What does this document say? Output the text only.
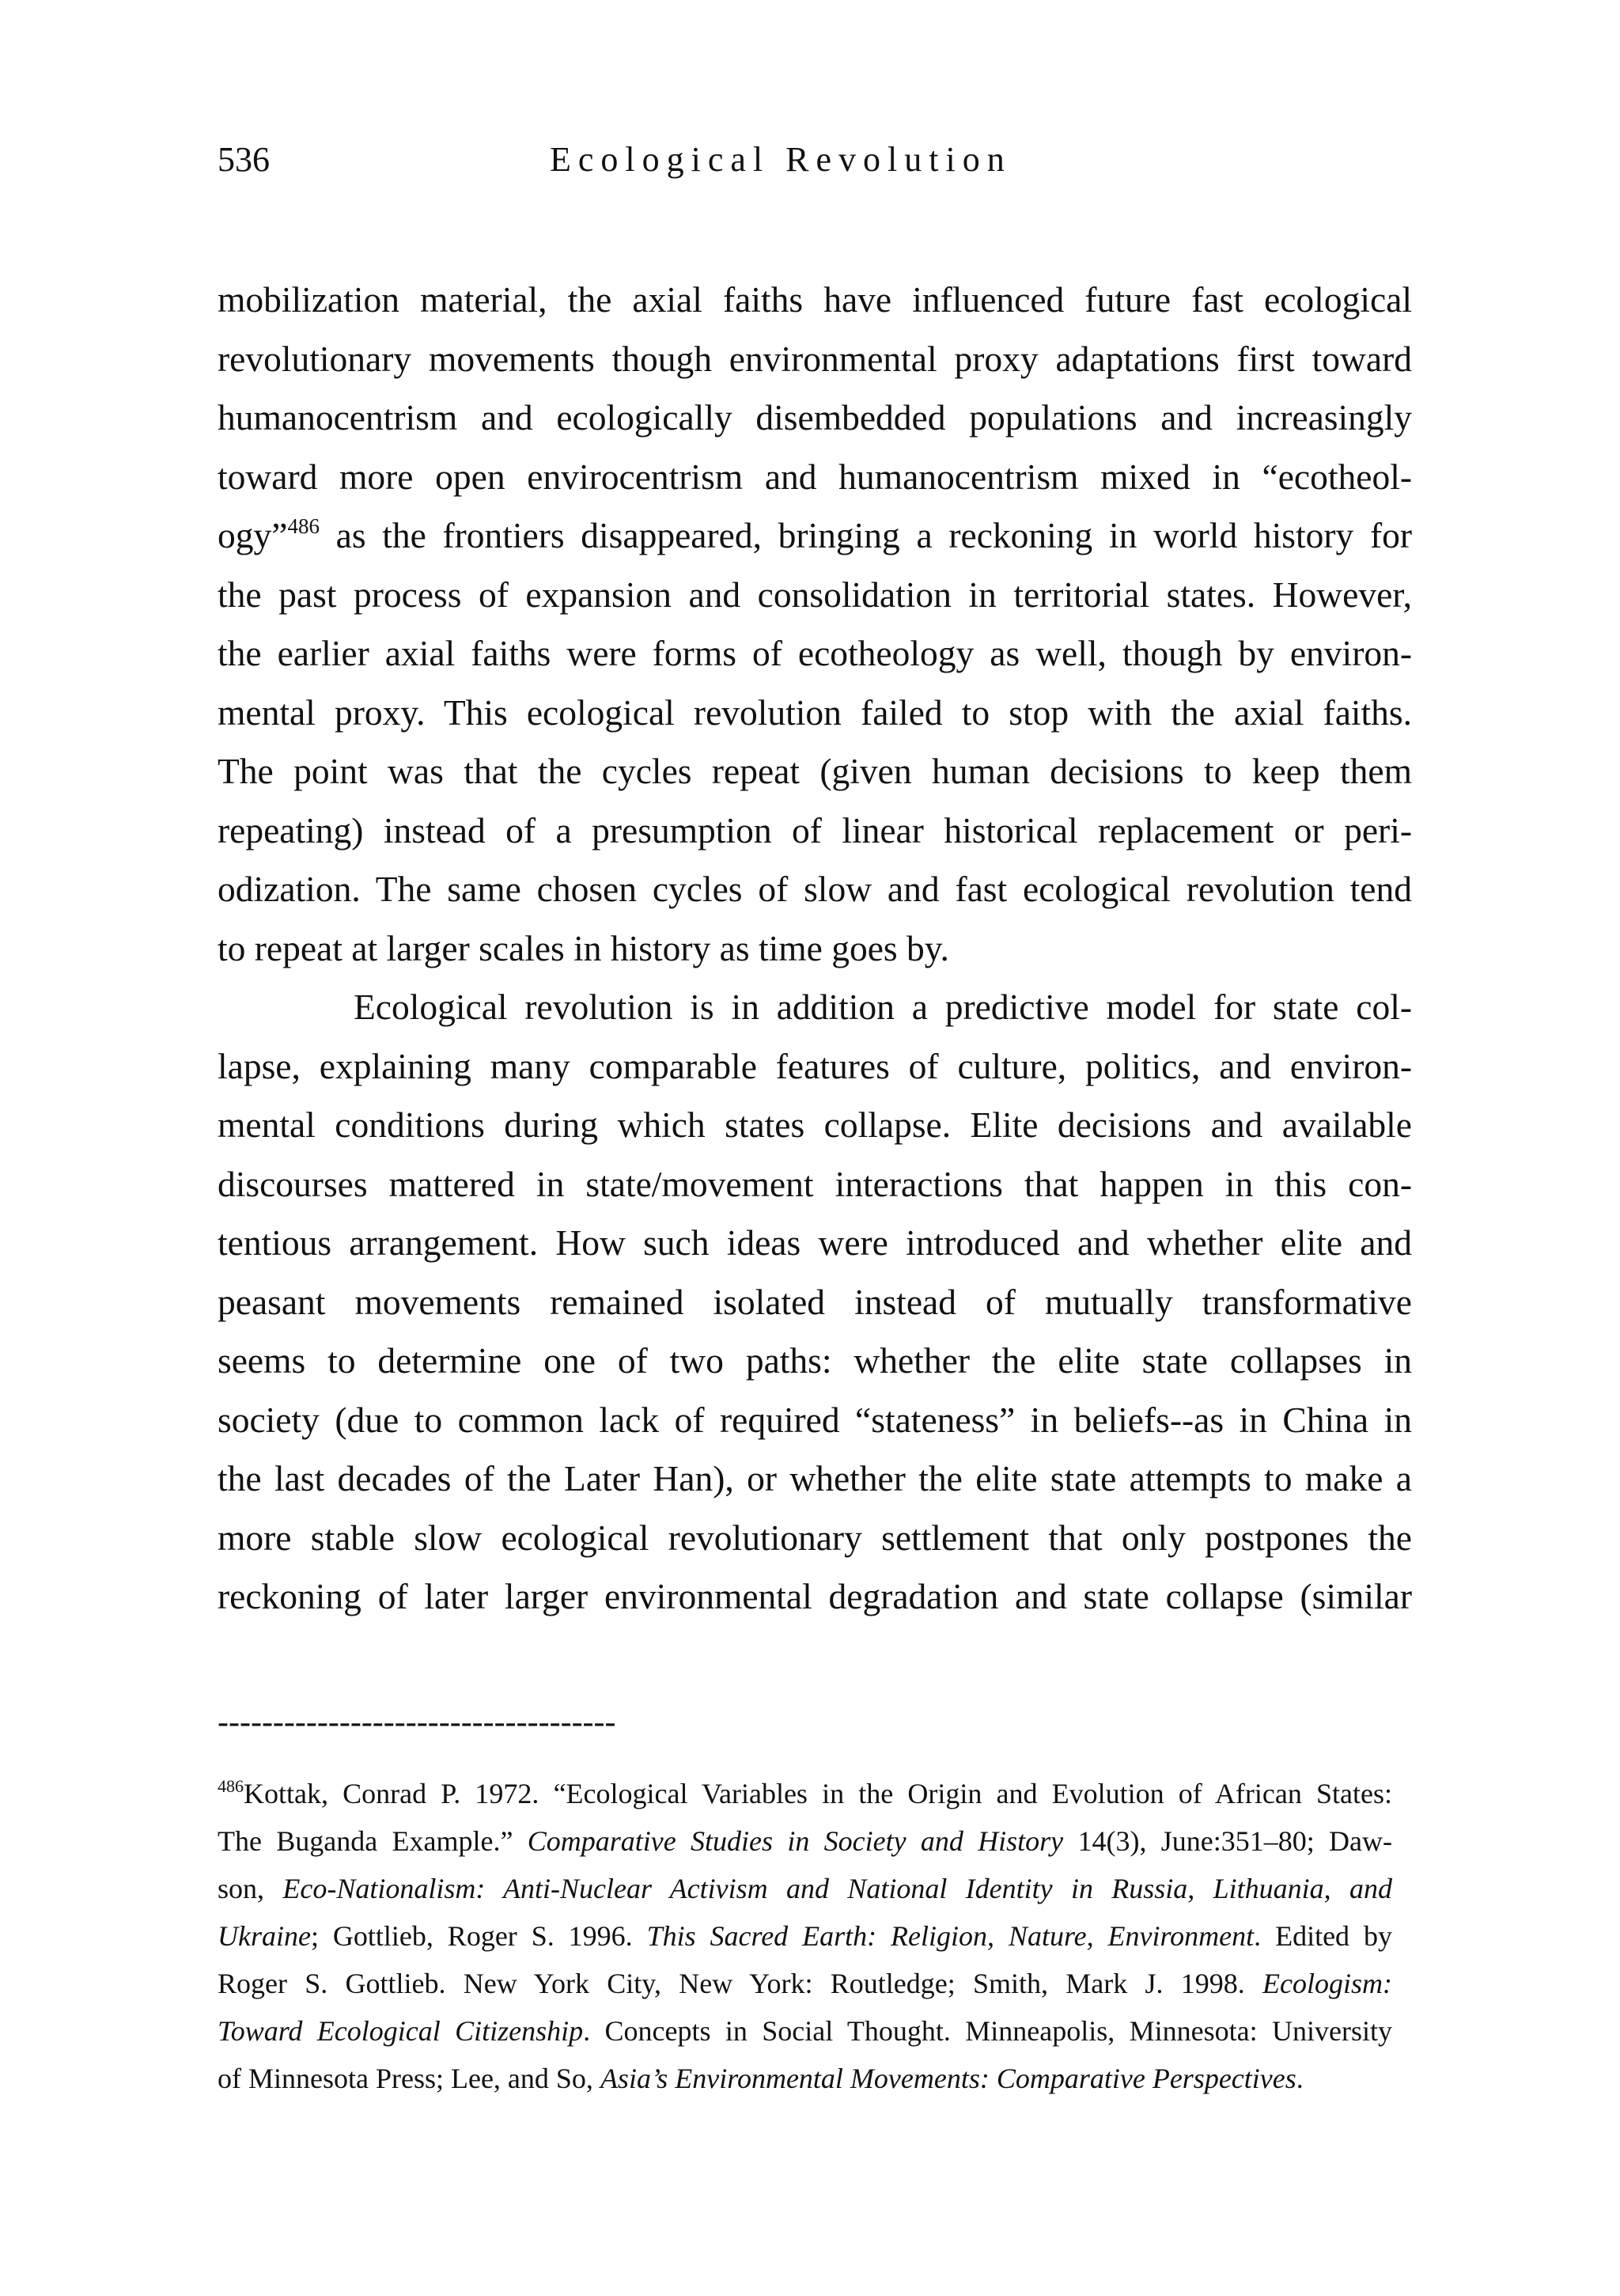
536	Ecological Revolution
mobilization material, the axial faiths have influenced future fast ecological
revolutionary movements though environmental proxy adaptations first toward
humanocentrism and ecologically disembedded populations and increasingly
toward more open envirocentrism and humanocentrism mixed in “ecotheol-
ogy”$^{486}$ as the frontiers disappeared, bringing a reckoning in world history for
the past process of expansion and consolidation in territorial states. However,
the earlier axial faiths were forms of ecotheology as well, though by environ-
mental proxy. This ecological revolution failed to stop with the axial faiths.
The point was that the cycles repeat (given human decisions to keep them
repeating) instead of a presumption of linear historical replacement or peri-
odization. The same chosen cycles of slow and fast ecological revolution tend
to repeat at larger scales in history as time goes by.
Ecological revolution is in addition a predictive model for state col-
lapse, explaining many comparable features of culture, politics, and environ-
mental conditions during which states collapse. Elite decisions and available
discourses mattered in state/movement interactions that happen in this con-
tentious arrangement. How such ideas were introduced and whether elite and
peasant movements remained isolated instead of mutually transformative
seems to determine one of two paths: whether the elite state collapses in
society (due to common lack of required “stateness” in beliefs--as in China in
the last decades of the Later Han), or whether the elite state attempts to make a
more stable slow ecological revolutionary settlement that only postpones the
reckoning of later larger environmental degradation and state collapse (similar
------------------------------------
$^{486}$Kottak, Conrad P. 1972. “Ecological Variables in the Origin and Evolution of African States:
The Buganda Example.” Comparative Studies in Society and History 14(3), June:351–80; Daw-
son, Eco-Nationalism: Anti-Nuclear Activism and National Identity in Russia, Lithuania, and
Ukraine; Gottlieb, Roger S. 1996. This Sacred Earth: Religion, Nature, Environment. Edited by
Roger S. Gottlieb. New York City, New York: Routledge; Smith, Mark J. 1998. Ecologism:
Toward Ecological Citizenship. Concepts in Social Thought. Minneapolis, Minnesota: University
of Minnesota Press; Lee, and So, Asia’s Environmental Movements: Comparative Perspectives.
